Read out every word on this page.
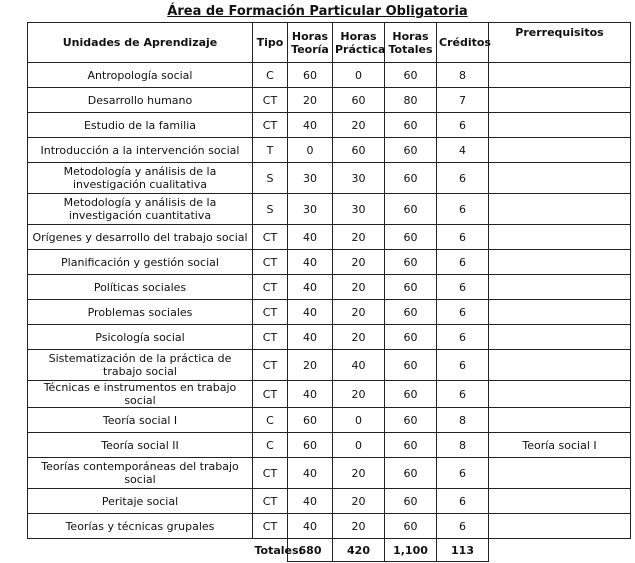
Área de Formación Particular Obligatoria
Unidades de Aprendizaje	Tipo	Horas Teoría	Horas Práctica	Horas Totales	Créditos	Prerrequisitos
Antropología social	C	60	0	60	8	
Desarrollo humano	CT	20	60	80	7	
Estudio de la familia	CT	40	20	60	6	
Introducción a la intervención social	T	0	60	60	4	
Metodología y análisis de la investigación cualitativa	S	30	30	60	6	
Metodología y análisis de la investigación cuantitativa	S	30	30	60	6	
Orígenes y desarrollo del trabajo social	CT	40	20	60	6	
Planificación y gestión social	CT	40	20	60	6	
Políticas sociales	CT	40	20	60	6	
Problemas sociales	CT	40	20	60	6	
Psicología social	CT	40	20	60	6	
Sistematización de la práctica de trabajo social	CT	20	40	60	6	
Técnicas e instrumentos en trabajo social	CT	40	20	60	6	
Teoría social I	C	60	0	60	8	
Teoría social II	C	60	0	60	8	Teoría social I
Teorías contemporáneas del trabajo social	CT	40	20	60	6	
Peritaje social	CT	40	20	60	6	
Teorías y técnicas grupales	CT	40	20	60	6	
	Totales:	680	420	1,100	113	
